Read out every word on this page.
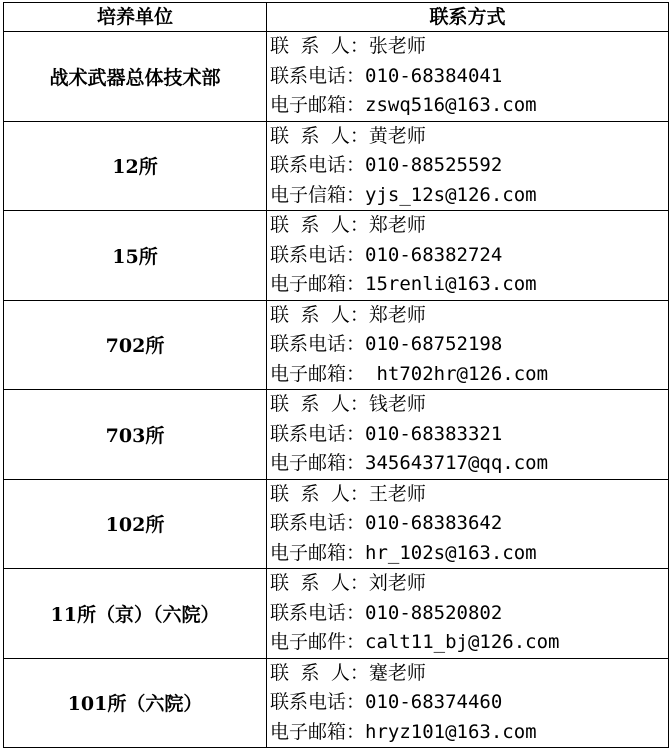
培养单位	联系方式
战术武器总体技术部	联 系 人：张老师
联系电话：010-68384041
电子邮箱：zswq516@163.com

12所	联 系 人：黄老师
联系电话：010-88525592
电子信箱：yjs_12s@126.com

15所	联 系 人：郑老师
联系电话：010-68382724
电子邮箱：15renli@163.com

702所	联 系 人：郑老师
联系电话：010-68752198
电子邮箱： ht702hr@126.com

703所	联 系 人：钱老师
联系电话：010-68383321
电子邮箱：345643717@qq.com

102所	联 系 人：王老师
联系电话：010-68383642
电子邮箱：hr_102s@163.com

11所（京）（六院）	联 系 人：刘老师
联系电话：010-88520802
电子邮件：calt11_bj@126.com

101所（六院）	联 系 人：蹇老师
联系电话：010-68374460
电子邮箱：hryz101@163.com
